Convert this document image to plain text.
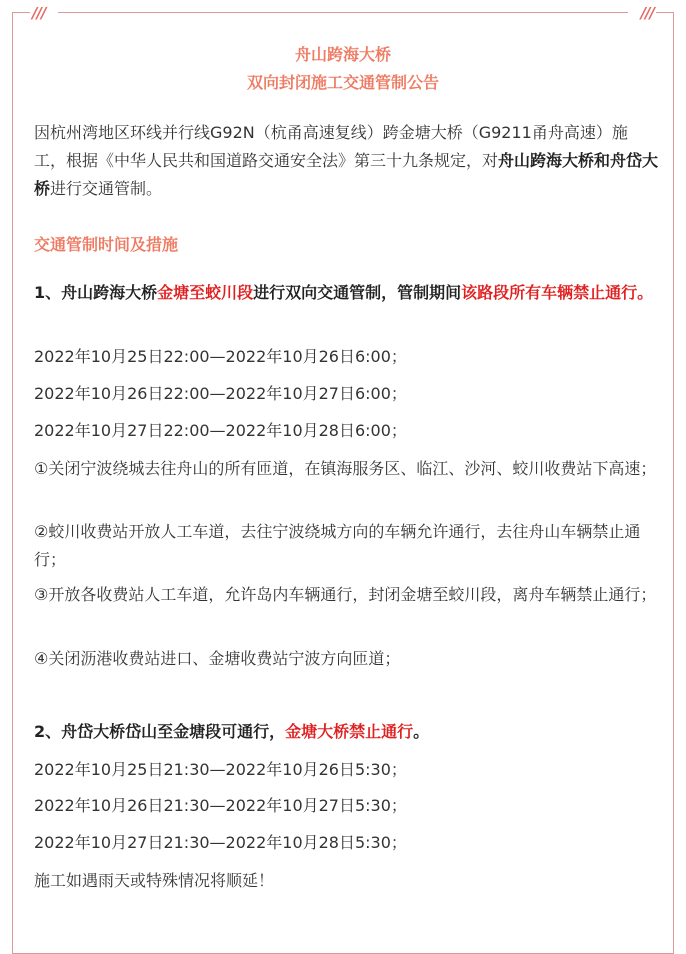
///	///
舟山跨海大桥
双向封闭施工交通管制公告
因杭州湾地区环线并行线G92N（杭甬高速复线）跨金塘大桥（G9211甬舟高速）施工，根据《中华人民共和国道路交通安全法》第三十九条规定，对舟山跨海大桥和舟岱大桥进行交通管制。
交通管制时间及措施
1、舟山跨海大桥金塘至蛟川段进行双向交通管制，管制期间该路段所有车辆禁止通行。
2022年10月25日22:00—2022年10月26日6:00；
2022年10月26日22:00—2022年10月27日6:00；
2022年10月27日22:00—2022年10月28日6:00；
①关闭宁波绕城去往舟山的所有匝道，在镇海服务区、临江、沙河、蛟川收费站下高速；
②蛟川收费站开放人工车道，去往宁波绕城方向的车辆允许通行，去往舟山车辆禁止通行；
③开放各收费站人工车道，允许岛内车辆通行，封闭金塘至蛟川段，离舟车辆禁止通行；
④关闭沥港收费站进口、金塘收费站宁波方向匝道；
2、舟岱大桥岱山至金塘段可通行，金塘大桥禁止通行。
2022年10月25日21:30—2022年10月26日5:30；
2022年10月26日21:30—2022年10月27日5:30；
2022年10月27日21:30—2022年10月28日5:30；
施工如遇雨天或特殊情况将顺延！
